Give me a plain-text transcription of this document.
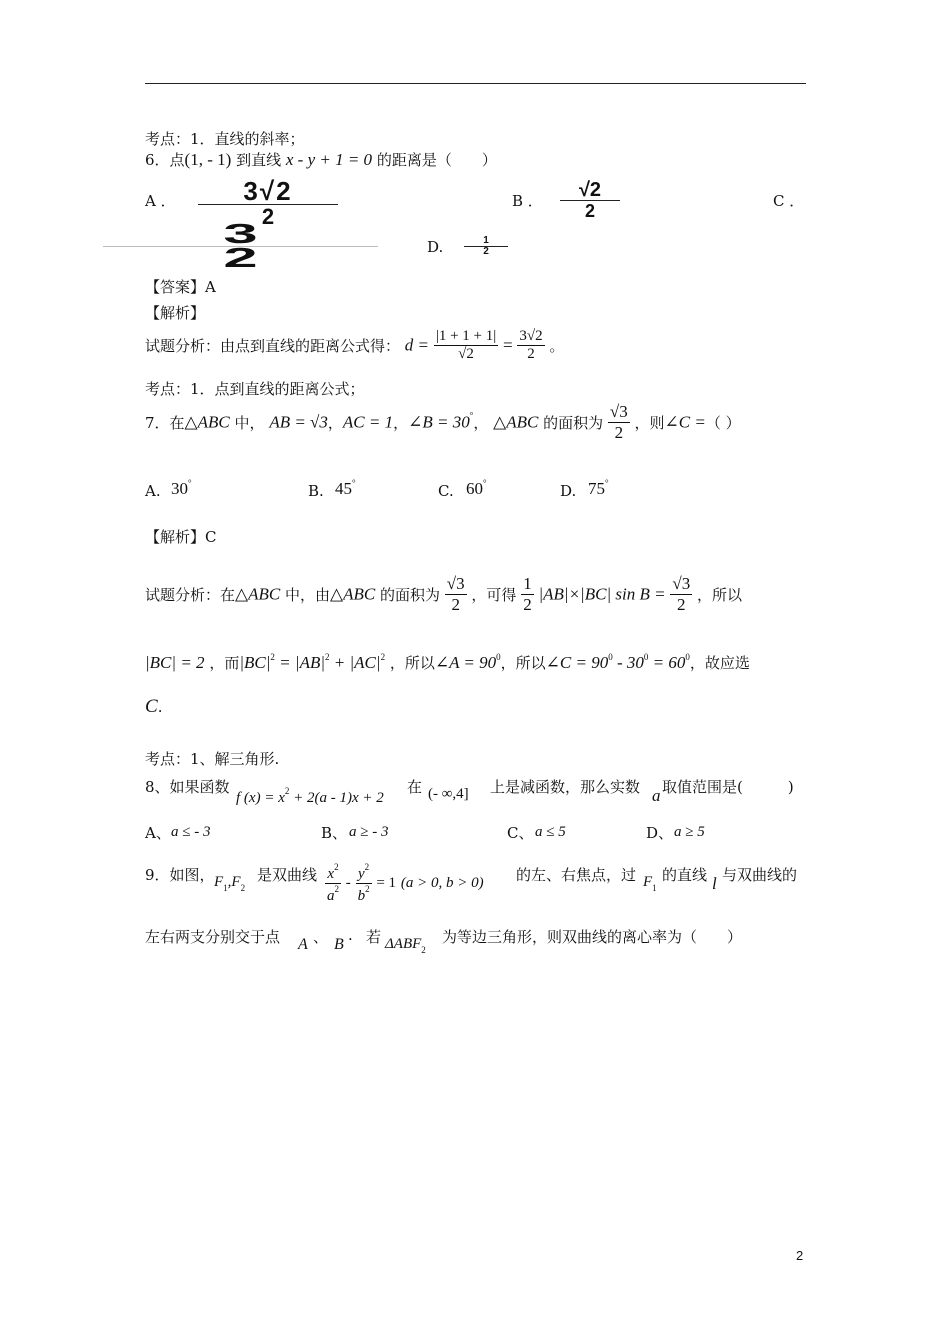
考点：1．直线的斜率；
6．点(1, - 1) 到直线 x - y + 1 = 0 的距离是（　　）
A ．	3√2
2
B ． $\frac{√2}{2}$	C ．
$\frac{3}{2}$	D. $\frac{1}{2}$
【答案】A
【解析】
试题分析：由点到直线的距离公式得： $d = \frac{|1 + 1 + 1|}{√2} = \frac{3√2}{2}$ 。
考点：1．点到直线的距离公式；
7．在△ABC 中， AB = √3，AC = 1，∠B = 30°， △ABC 的面积为 $\frac{√3}{2}$ ，则∠C =（ ）
A. 30°	B. 45°	C. 60°	D. 75°
【解析】C
试题分析：在△ABC 中，由△ABC 的面积为 $\frac{√3}{2}$ ，可得 $\frac{1}{2} |AB|\times|BC|$ $\sin B = \frac{√3}{2}$ ，所以
|BC| = 2 ，而$|BC|^2 = |AB|^2 + |AC|^2$ ，所以∠A = $90^0$，所以∠C = $90^0 - 30^0 = 60^0$，故应选
C.
考点：1、解三角形.
8、如果函数
f $(x) = x^2 + 2(a - 1)x + 2$
在 (- ∞,4] 上是减函数，那么实数 a 取值范围是(　　　)
A、 a ≤ - 3	B、 a ≥ - 3	C、 a ≤ 5	D、 a ≥ 5
9．如图， $F_1,F_2$
是双曲线 $\frac{x^2}{a^2} - \frac{y^2}{b^2} = 1$ (a > 0, b > 0) 的左、右焦点，过 $F_1$
的直线 l 与双曲线的
左右两支分别交于点 A 、 B
. 若 $\Delta ABF_2$
为等边三角形，则双曲线的离心率为（　　）
2
